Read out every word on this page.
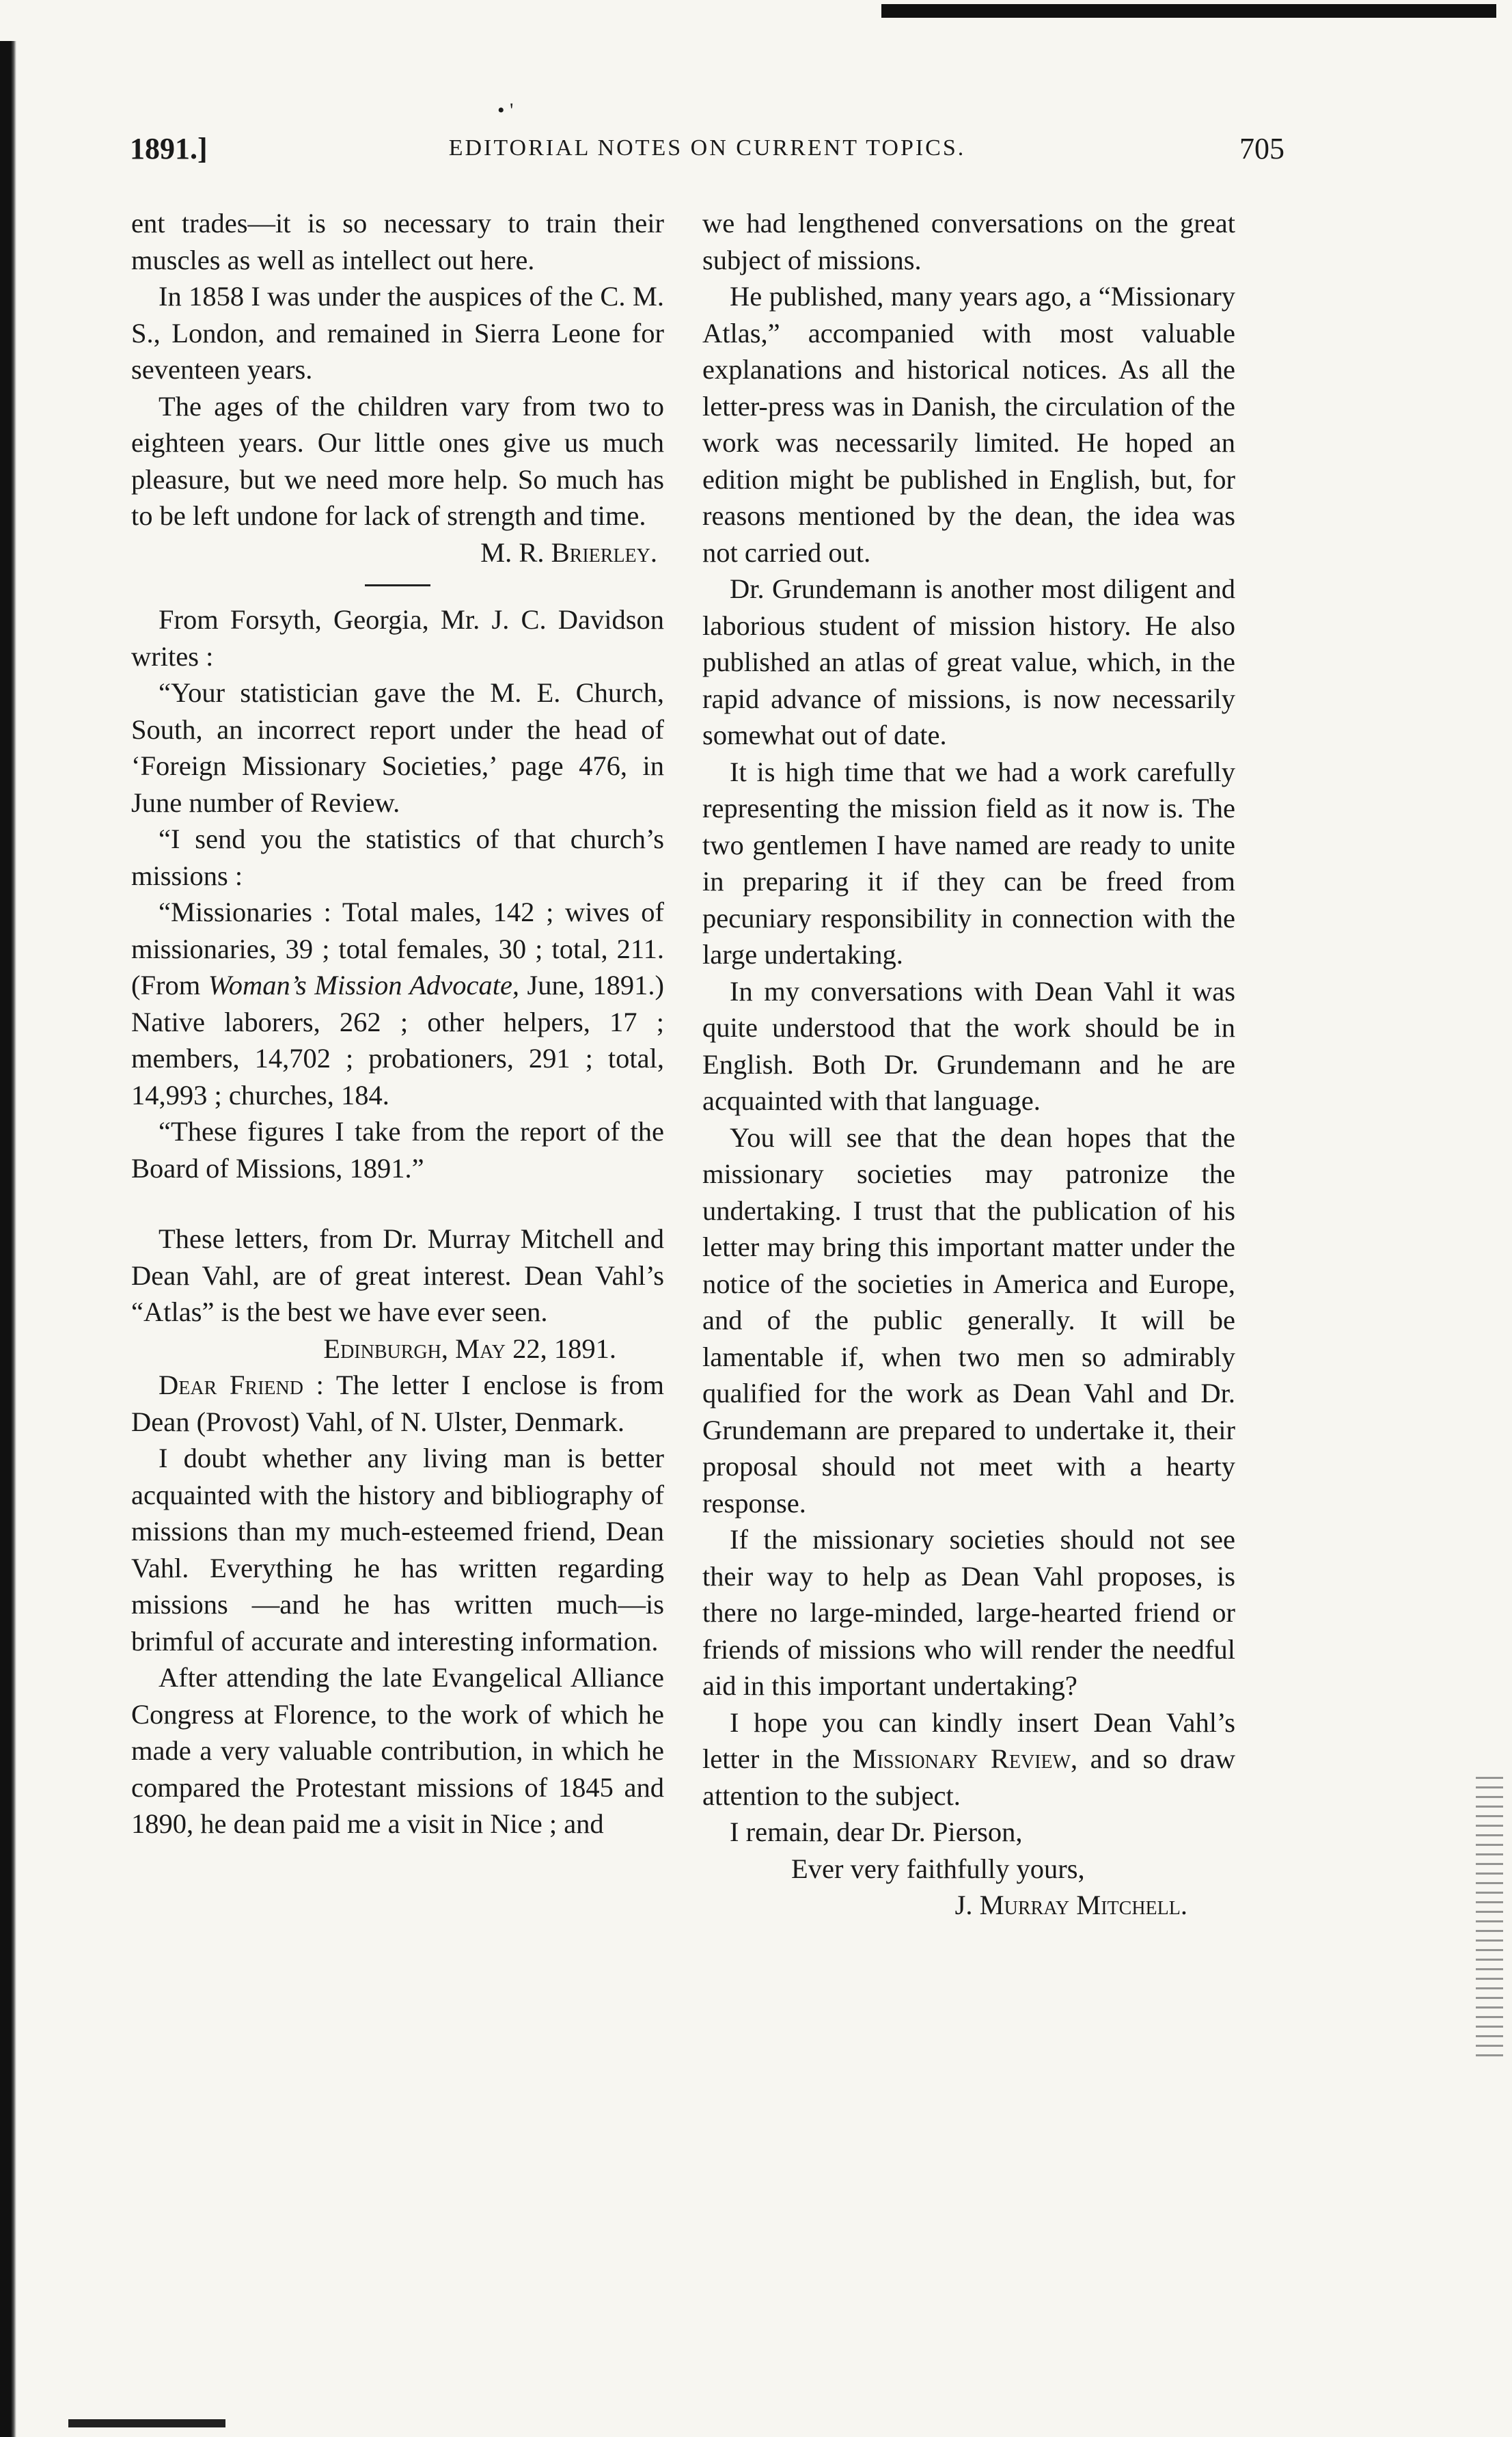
• '
1891.]	EDITORIAL NOTES ON CURRENT TOPICS.	705

ent trades—it is so necessary to train their muscles as well as intellect out here.

In 1858 I was under the auspices of the C. M. S., London, and remained in Sierra Leone for seventeen years.

The ages of the children vary from two to eighteen years. Our little ones give us much pleasure, but we need more help. So much has to be left undone for lack of strength and time.

M. R. Brierley.

From Forsyth, Georgia, Mr. J. C. Davidson writes :

“Your statistician gave the M. E. Church, South, an incorrect report under the head of ‘Foreign Missionary Societies,’ page 476, in June number of Review.

“I send you the statistics of that church’s missions :

“Missionaries : Total males, 142 ; wives of missionaries, 39 ; total females, 30 ; total, 211. (From Woman’s Mission Advocate, June, 1891.) Native laborers, 262 ; other helpers, 17 ; members, 14,702 ; probationers, 291 ; total, 14,993 ; churches, 184.

“These figures I take from the report of the Board of Missions, 1891.”

These letters, from Dr. Murray Mitchell and Dean Vahl, are of great interest. Dean Vahl’s “Atlas” is the best we have ever seen.

Edinburgh, May 22, 1891.

Dear Friend : The letter I enclose is from Dean (Provost) Vahl, of N. Ulster, Denmark.

I doubt whether any living man is better acquainted with the history and bibliography of missions than my much-esteemed friend, Dean Vahl. Everything he has written regarding missions —and he has written much—is brimful of accurate and interesting information.

After attending the late Evangelical Alliance Congress at Florence, to the work of which he made a very valuable contribution, in which he compared the Protestant missions of 1845 and 1890, he dean paid me a visit in Nice ; and

we had lengthened conversations on the great subject of missions.

He published, many years ago, a “Missionary Atlas,” accompanied with most valuable explanations and historical notices. As all the letter-press was in Danish, the circulation of the work was necessarily limited. He hoped an edition might be published in English, but, for reasons mentioned by the dean, the idea was not carried out.

Dr. Grundemann is another most diligent and laborious student of mission history. He also published an atlas of great value, which, in the rapid advance of missions, is now necessarily somewhat out of date.

It is high time that we had a work carefully representing the mission field as it now is. The two gentlemen I have named are ready to unite in preparing it if they can be freed from pecuniary responsibility in connection with the large undertaking.

In my conversations with Dean Vahl it was quite understood that the work should be in English. Both Dr. Grundemann and he are acquainted with that language.

You will see that the dean hopes that the missionary societies may patronize the undertaking. I trust that the publication of his letter may bring this important matter under the notice of the societies in America and Europe, and of the public generally. It will be lamentable if, when two men so admirably qualified for the work as Dean Vahl and Dr. Grundemann are prepared to undertake it, their proposal should not meet with a hearty response.

If the missionary societies should not see their way to help as Dean Vahl proposes, is there no large-minded, large-hearted friend or friends of missions who will render the needful aid in this important undertaking?

I hope you can kindly insert Dean Vahl’s letter in the Missionary Review, and so draw attention to the subject.

I remain, dear Dr. Pierson,

Ever very faithfully yours,

J. Murray Mitchell.
